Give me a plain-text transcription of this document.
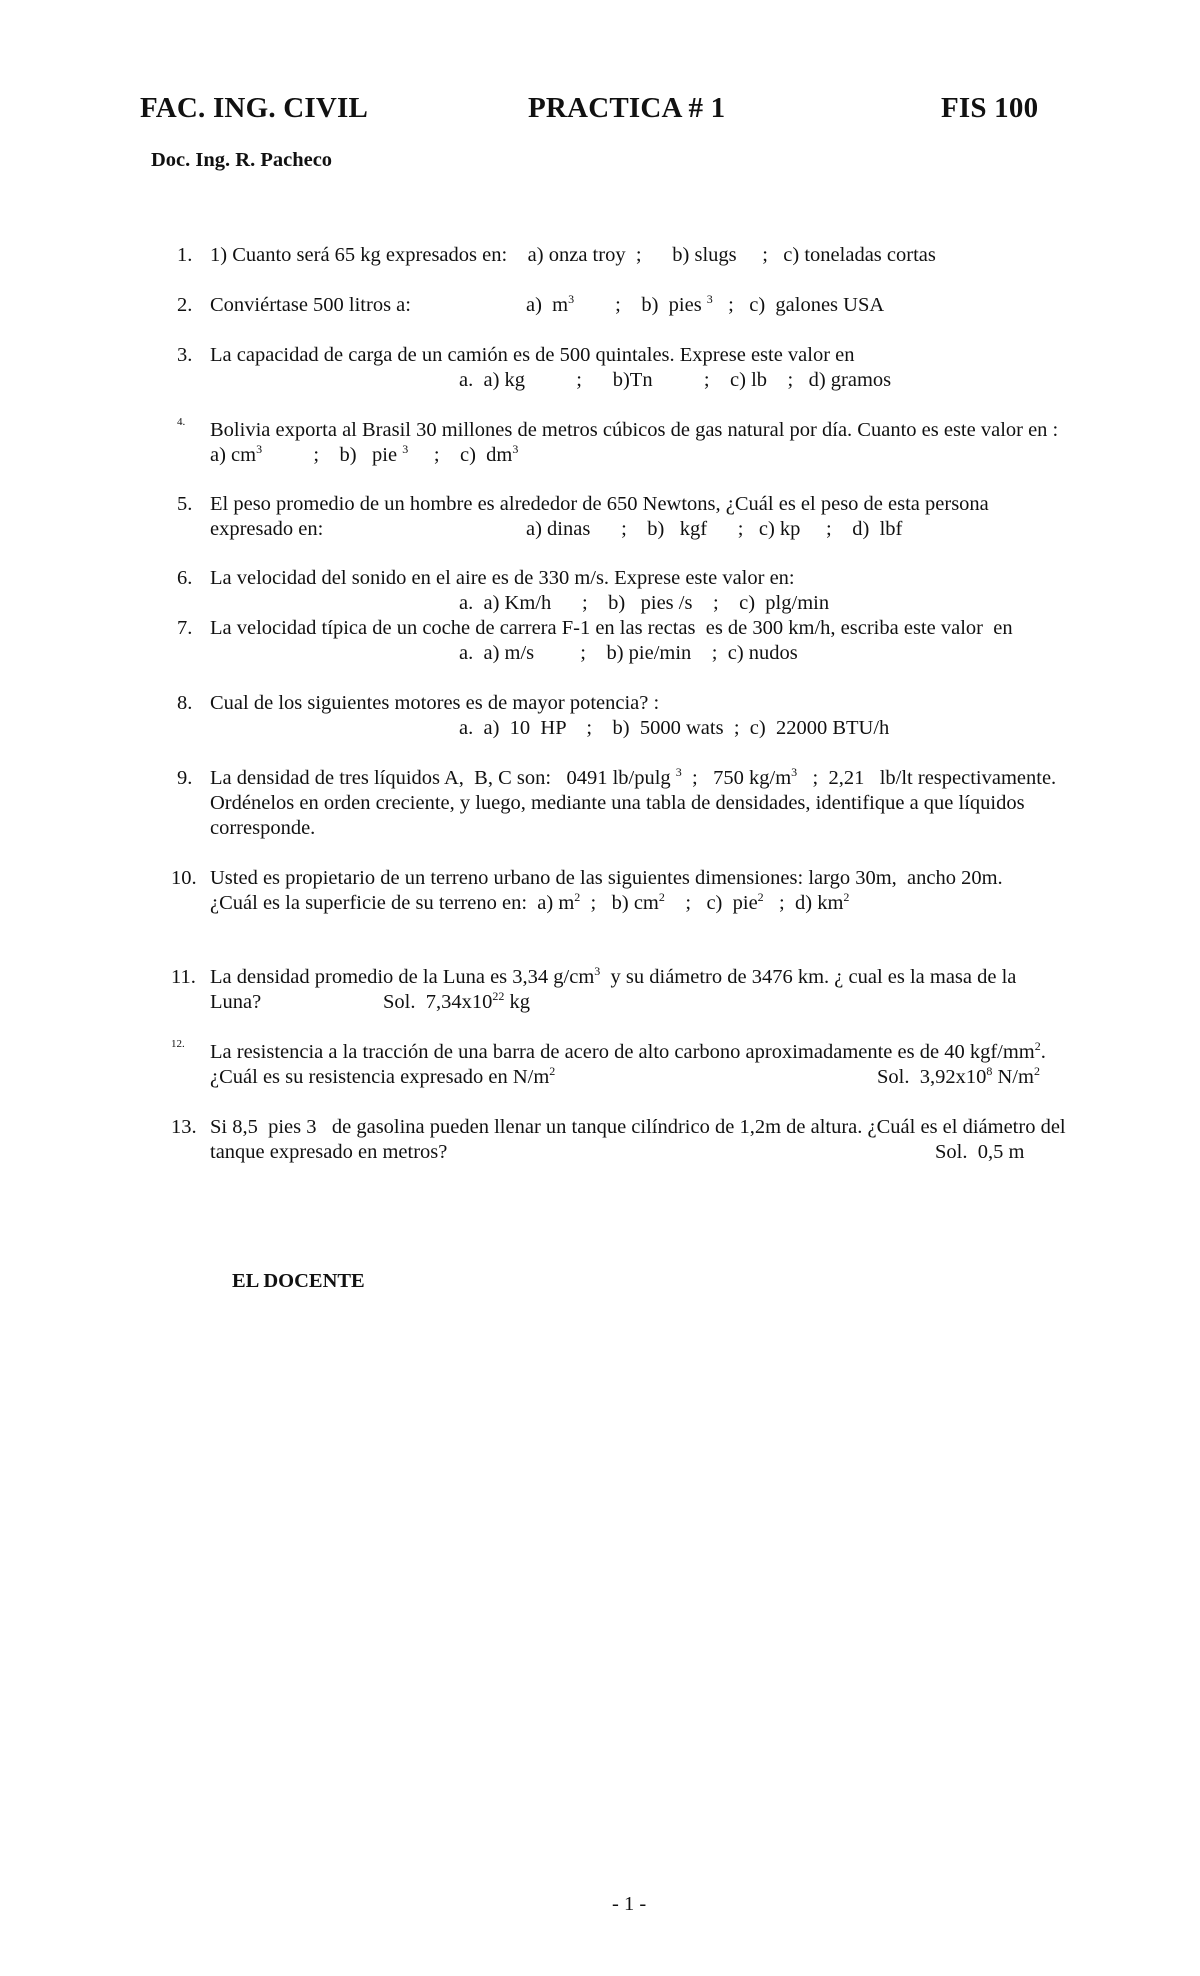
FAC. ING. CIVIL	PRACTICA # 1	FIS 100
Doc. Ing. R. Pacheco
1. 1) Cuanto será 65 kg expresados en:    a) onza troy  ;      b) slugs     ;   c) toneladas cortas
2. Conviértase 500 litros a:	a)  $m^3$ ;    b)  pies $^3$ ;   c)  galones USA
3. La capacidad de carga de un camión es de 500 quintales. Exprese este valor en
a.  a) kg          ;      b)Tn          ;    c) lb    ;   d) gramos
4. Bolivia exporta al Brasil 30 millones de metros cúbicos de gas natural por día. Cuanto es este valor en :
a) $cm^3$	;    b)   pie $^3$ ;    c)  $dm^3$
5. El peso promedio de un hombre es alrededor de 650 Newtons, ¿Cuál es el peso de esta persona
expresado en:	a) dinas      ;    b)   kgf      ;   c) kp     ;    d)  lbf
6. La velocidad del sonido en el aire es de 330 m/s. Exprese este valor en:
a.  a) Km/h      ;    b)   pies /s    ;    c)  plg/min
7. La velocidad típica de un coche de carrera F-1 en las rectas  es de 300 km/h, escriba este valor  en
a.  a) m/s         ;    b) pie/min    ;  c) nudos
8. Cual de los siguientes motores es de mayor potencia? :
a.  a)  10  HP    ;    b)  5000 wats  ;  c)  22000 BTU/h
9. La densidad de tres líquidos A,  B, C son:   0491 lb/pulg $^3$ ;   750 $kg/m^3$ ;  2,21   lb/lt respectivamente.
Ordénelos en orden creciente, y luego, mediante una tabla de densidades, identifique a que líquidos
corresponde.
10. Usted es propietario de un terreno urbano de las siguientes dimensiones: largo 30m,  ancho 20m.
¿Cuál es la superficie de su terreno en:  a) $m^2$ ;   b) $cm^2$ ;   c)  pie$^2$ ;  d) $km^2$
11. La densidad promedio de la Luna es 3,34 $g/cm^3$ y su diámetro de 3476 km. ¿ cual es la masa de la
Luna?	Sol.  $7,34x10^{22}$ kg
12. La resistencia a la tracción de una barra de acero de alto carbono aproximadamente es de 40 kgf/$mm^2$.
¿Cuál es su resistencia expresado en $N/m^2$	Sol.  $3,92x10^8$ $N/m^2$
13. Si 8,5  pies 3   de gasolina pueden llenar un tanque cilíndrico de 1,2m de altura. ¿Cuál es el diámetro del
tanque expresado en metros?	Sol.  0,5 m
EL DOCENTE
- 1 -
